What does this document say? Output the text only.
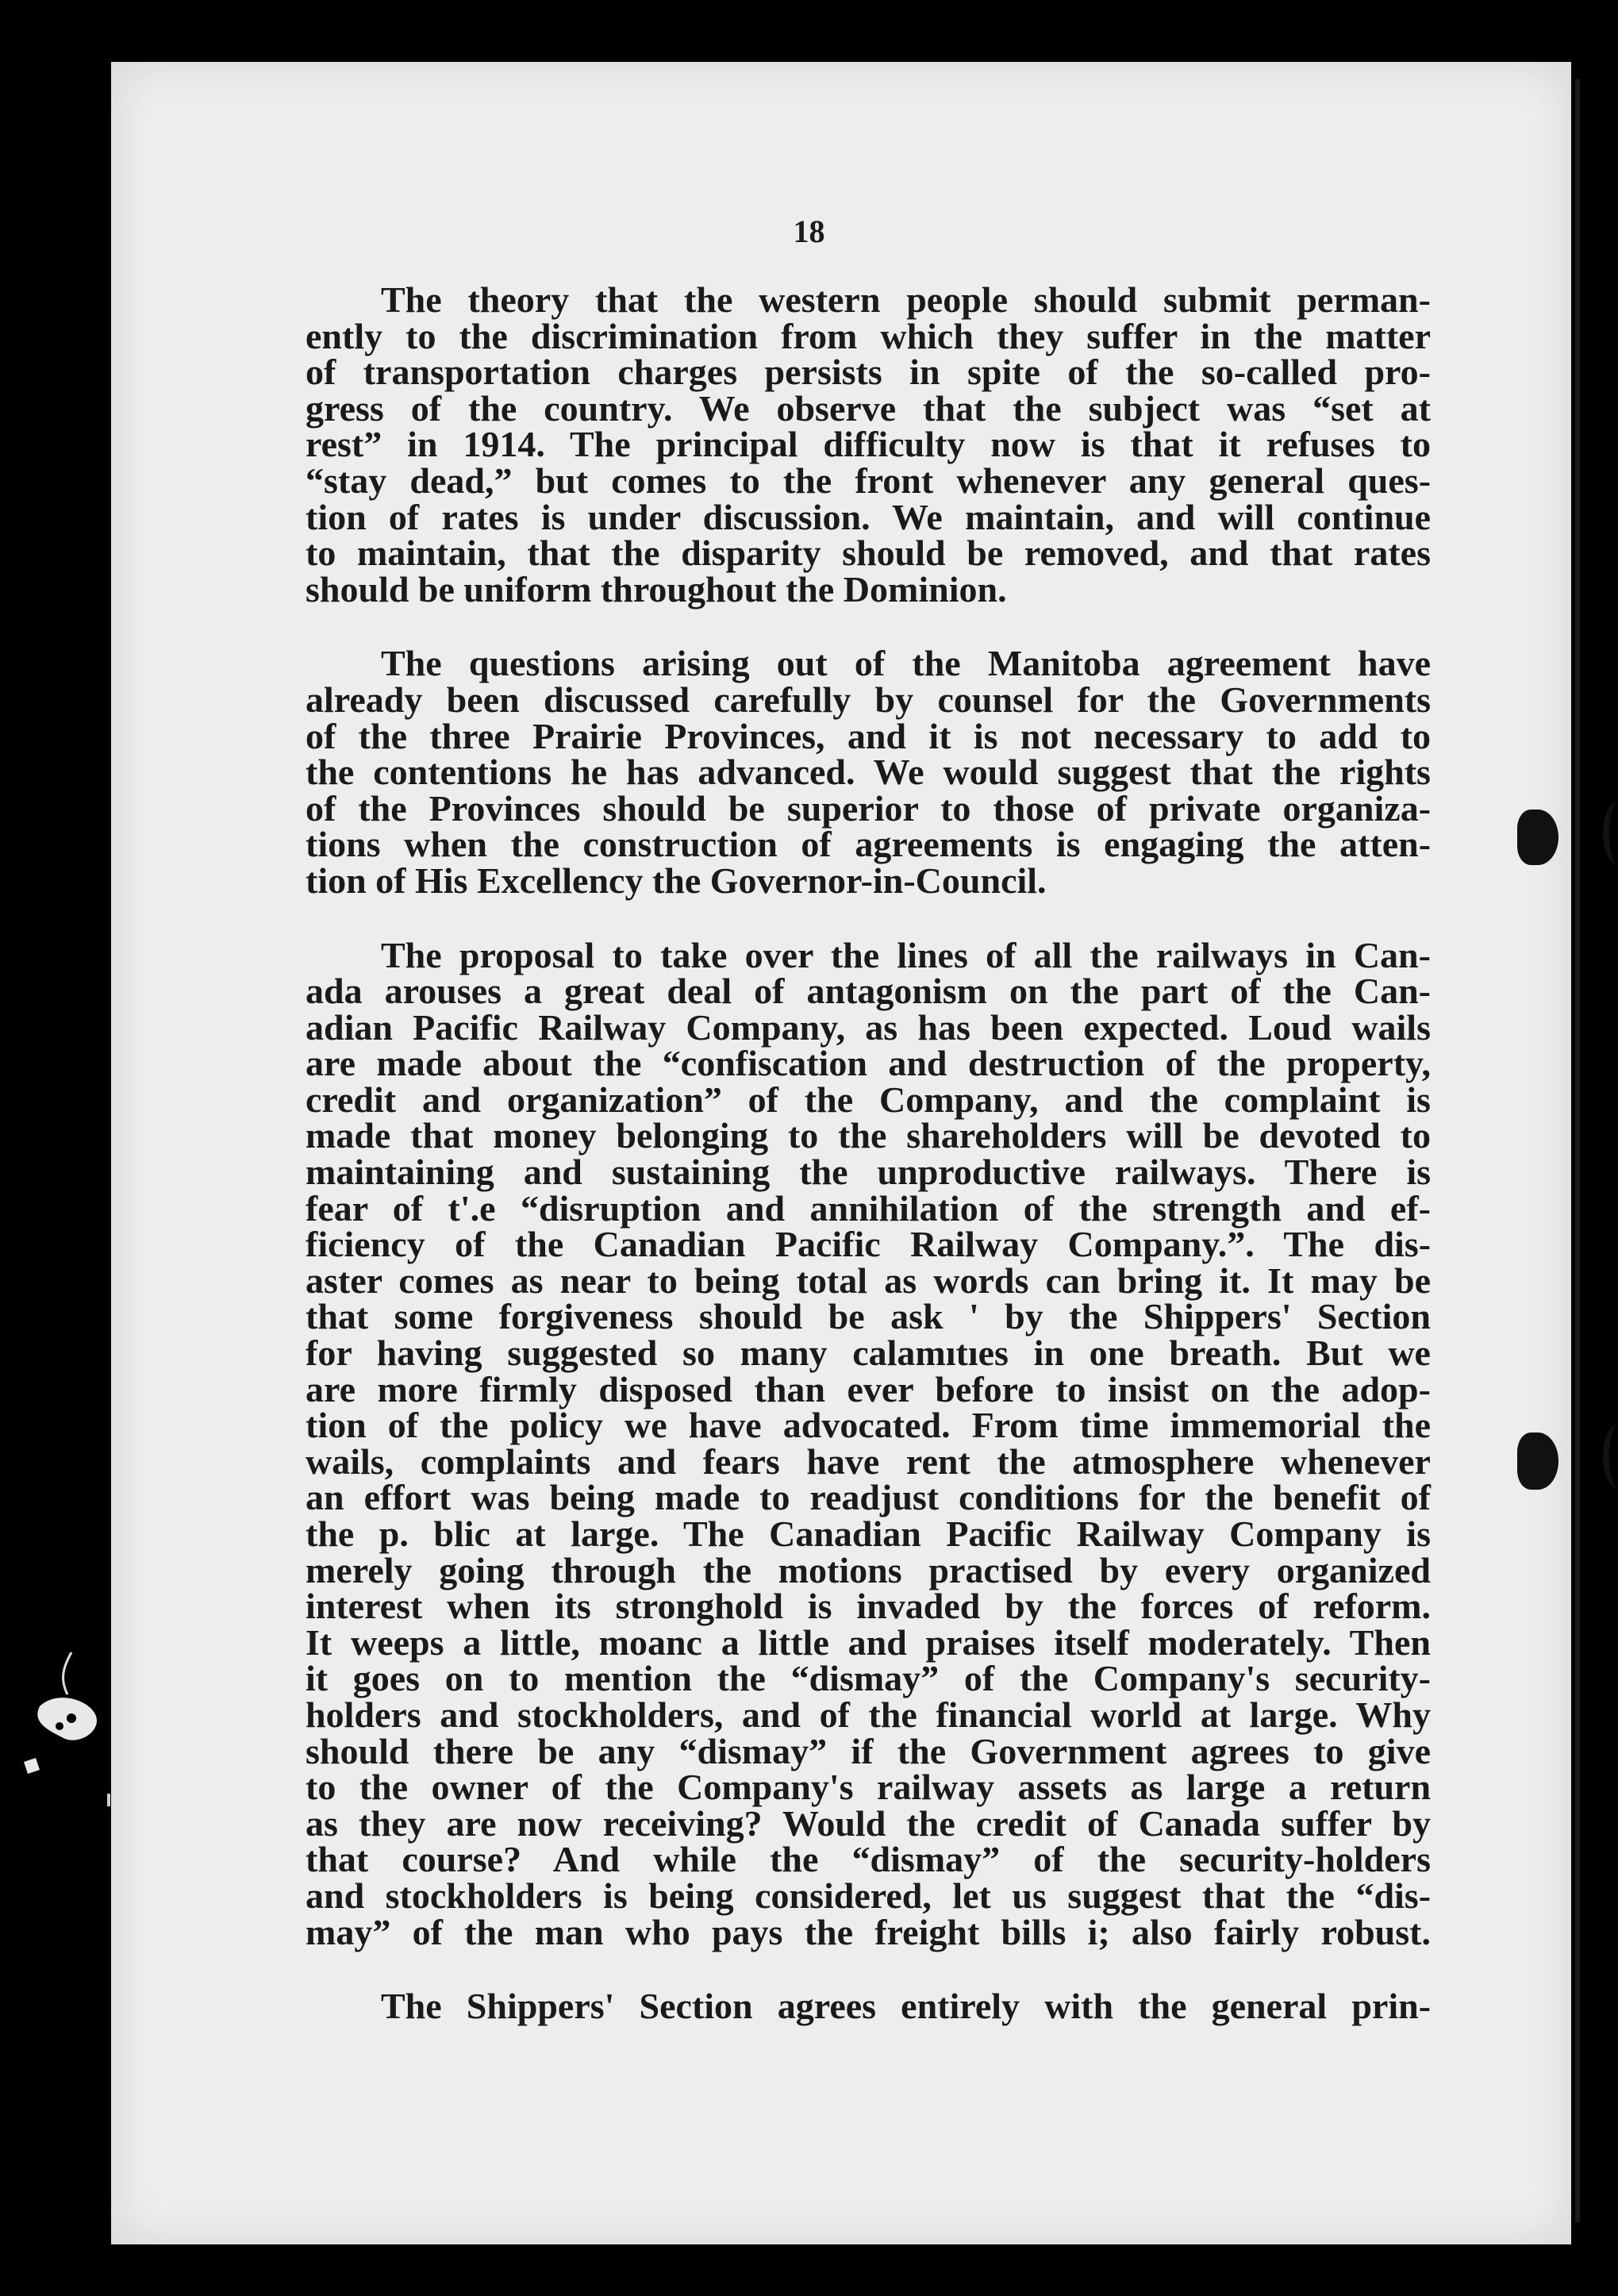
18
The theory that the western people should submit perman-
ently to the discrimination from which they suffer in the matter
of transportation charges persists in spite of the so-called pro-
gress of the country. We observe that the subject was “set at
rest” in 1914. The principal difficulty now is that it refuses to
“stay dead,” but comes to the front whenever any general ques-
tion of rates is under discussion. We maintain, and will continue
to maintain, that the disparity should be removed, and that rates
should be uniform throughout the Dominion.
The questions arising out of the Manitoba agreement have
already been discussed carefully by counsel for the Governments
of the three Prairie Provinces, and it is not necessary to add to
the contentions he has advanced. We would suggest that the rights
of the Provinces should be superior to those of private organiza-
tions when the construction of agreements is engaging the atten-
tion of His Excellency the Governor-in-Council.
The proposal to take over the lines of all the railways in Can-
ada arouses a great deal of antagonism on the part of the Can-
adian Pacific Railway Company, as has been expected. Loud wails
are made about the “confiscation and destruction of the property,
credit and organization” of the Company, and the complaint is
made that money belonging to the shareholders will be devoted to
maintaining and sustaining the unproductive railways. There is
fear of t'.e “disruption and annihilation of the strength and ef-
ficiency of the Canadian Pacific Railway Company.”. The dis-
aster comes as near to being total as words can bring it. It may be
that some forgiveness should be ask ' by the Shippers' Section
for having suggested so many calamıtıes in one breath. But we
are more firmly disposed than ever before to insist on the adop-
tion of the policy we have advocated. From time immemorial the
wails, complaints and fears have rent the atmosphere whenever
an effort was being made to readjust conditions for the benefit of
the p. blic at large. The Canadian Pacific Railway Company is
merely going through the motions practised by every organized
interest when its stronghold is invaded by the forces of reform.
It weeps a little, moanc a little and praises itself moderately. Then
it goes on to mention the “dismay” of the Company's security-
holders and stockholders, and of the financial world at large. Why
should there be any “dismay” if the Government agrees to give
to the owner of the Company's railway assets as large a return
as they are now receiving? Would the credit of Canada suffer by
that course? And while the “dismay” of the security-holders
and stockholders is being considered, let us suggest that the “dis-
may” of the man who pays the freight bills i; also fairly robust.
The Shippers' Section agrees entirely with the general prin-
